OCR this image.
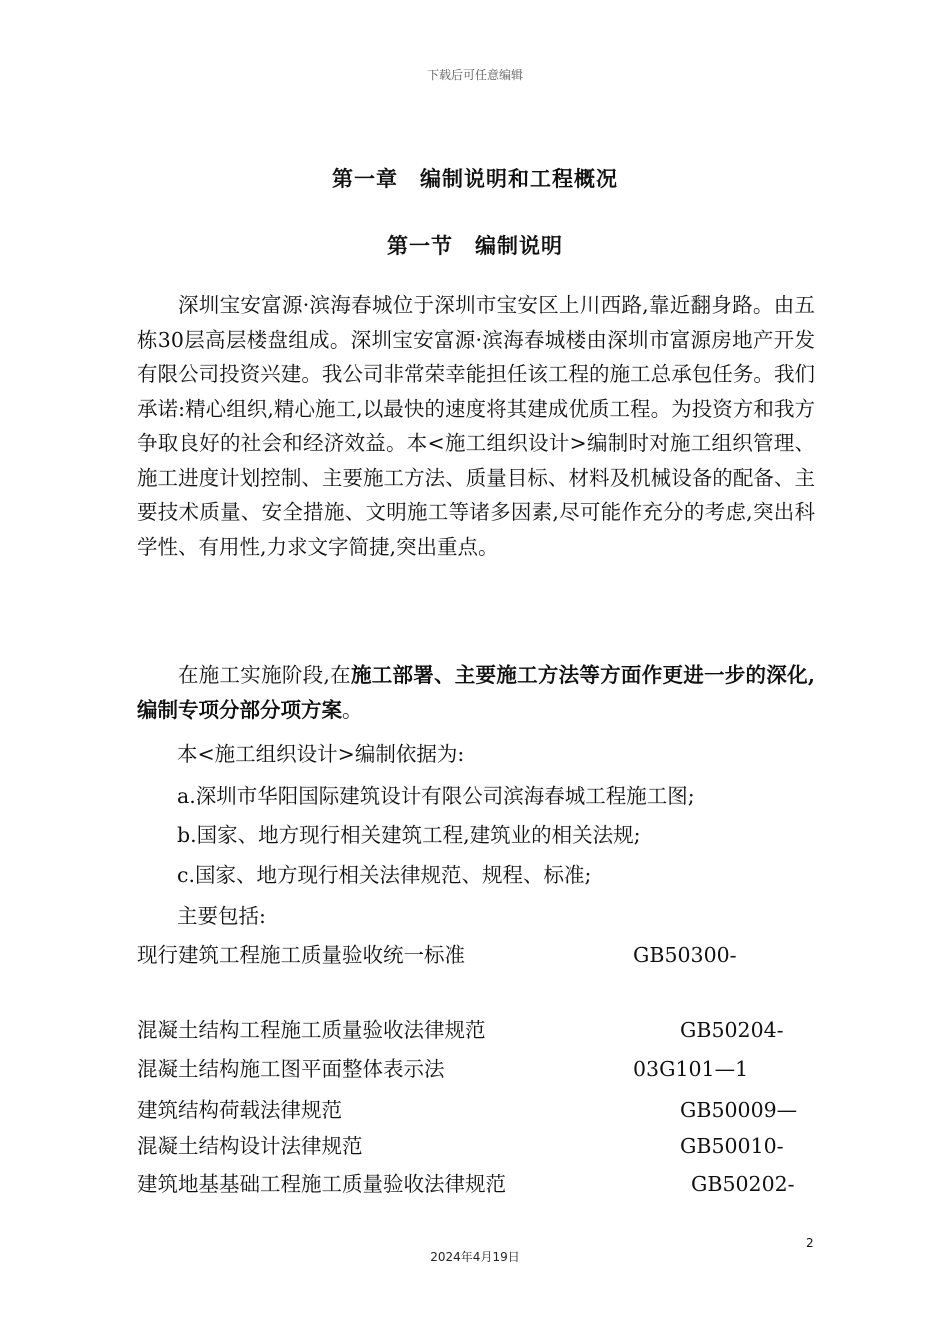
下载后可任意编辑
第一章　编制说明和工程概况
第一节　编制说明

深圳宝安富源·滨海春城位于深圳市宝安区上川西路,靠近翻身路。由五栋30层高层楼盘组成。深圳宝安富源·滨海春城楼由深圳市富源房地产开发有限公司投资兴建。我公司非常荣幸能担任该工程的施工总承包任务。我们承诺:精心组织,精心施工,以最快的速度将其建成优质工程。为投资方和我方争取良好的社会和经济效益。本<施工组织设计>编制时对施工组织管理、施工进度计划控制、主要施工方法、质量目标、材料及机械设备的配备、主要技术质量、安全措施、文明施工等诸多因素,尽可能作充分的考虑,突出科学性、有用性,力求文字简捷,突出重点。

在施工实施阶段,在施工部署、主要施工方法等方面作更进一步的深化,编制专项分部分项方案。

本<施工组织设计>编制依据为:
a.深圳市华阳国际建筑设计有限公司滨海春城工程施工图;
b.国家、地方现行相关建筑工程,建筑业的相关法规;
c.国家、地方现行相关法律规范、规程、标准;
主要包括:
现行建筑工程施工质量验收统一标准	GB50300-
混凝土结构工程施工质量验收法律规范	GB50204-
混凝土结构施工图平面整体表示法	03G101—1
建筑结构荷载法律规范	GB50009—
混凝土结构设计法律规范	GB50010-
建筑地基基础工程施工质量验收法律规范	GB50202-
2
2024年4月19日
